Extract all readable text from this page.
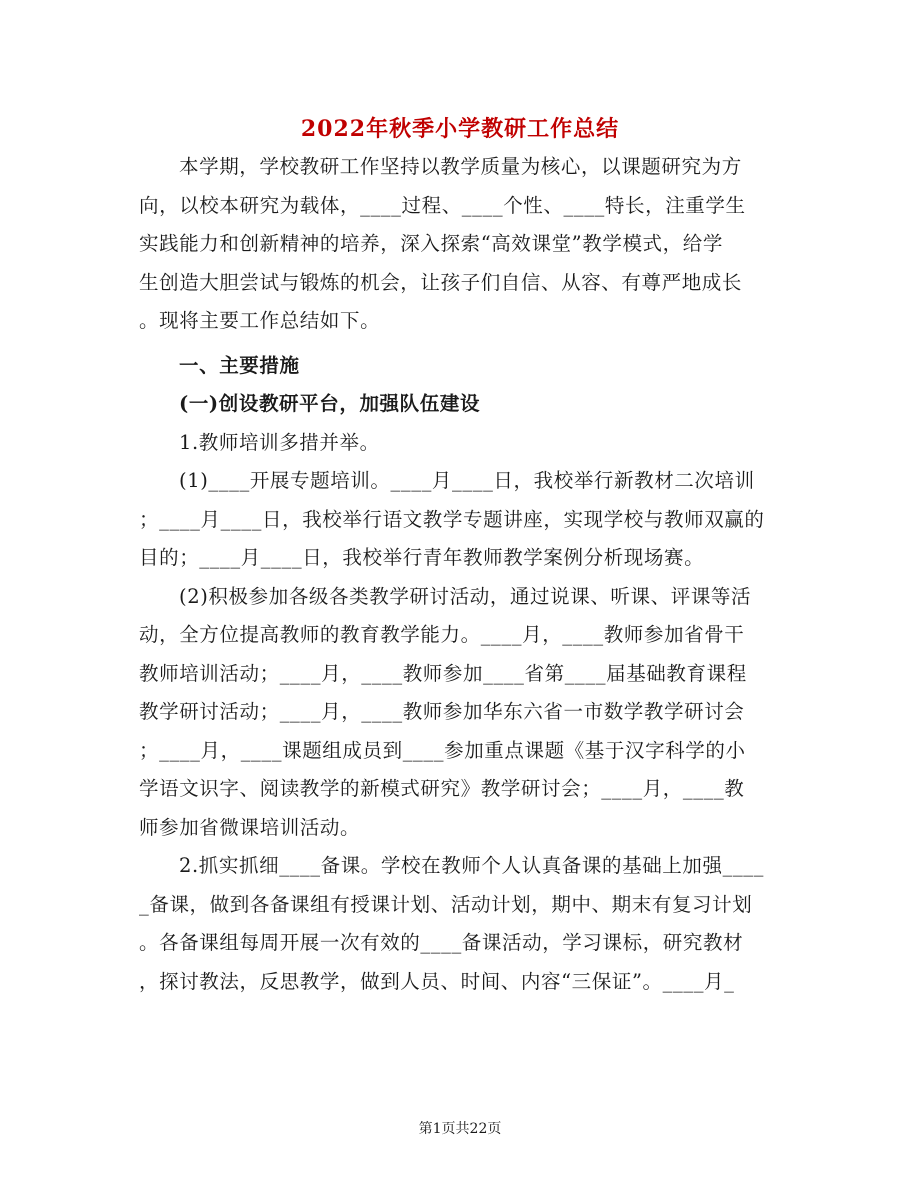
2022年秋季小学教研工作总结
本学期，学校教研工作坚持以教学质量为核心，以课题研究为方
向，以校本研究为载体，____过程、____个性、____特长，注重学生
实践能力和创新精神的培养，深入探索“高效课堂”教学模式，给学
生创造大胆尝试与锻炼的机会，让孩子们自信、从容、有尊严地成长
。现将主要工作总结如下。
一、主要措施
(一)创设教研平台，加强队伍建设
1.教师培训多措并举。
(1)____开展专题培训。____月____日，我校举行新教材二次培训
；____月____日，我校举行语文教学专题讲座，实现学校与教师双赢的
目的；____月____日，我校举行青年教师教学案例分析现场赛。
(2)积极参加各级各类教学研讨活动，通过说课、听课、评课等活
动，全方位提高教师的教育教学能力。____月，____教师参加省骨干
教师培训活动；____月，____教师参加____省第____届基础教育课程
教学研讨活动；____月，____教师参加华东六省一市数学教学研讨会
；____月，____课题组成员到____参加重点课题《基于汉字科学的小
学语文识字、阅读教学的新模式研究》教学研讨会；____月，____教
师参加省微课培训活动。
2.抓实抓细____备课。学校在教师个人认真备课的基础上加强____
_备课，做到各备课组有授课计划、活动计划，期中、期末有复习计划
。各备课组每周开展一次有效的____备课活动，学习课标，研究教材
，探讨教法，反思教学，做到人员、时间、内容“三保证”。____月_
第1页共22页
